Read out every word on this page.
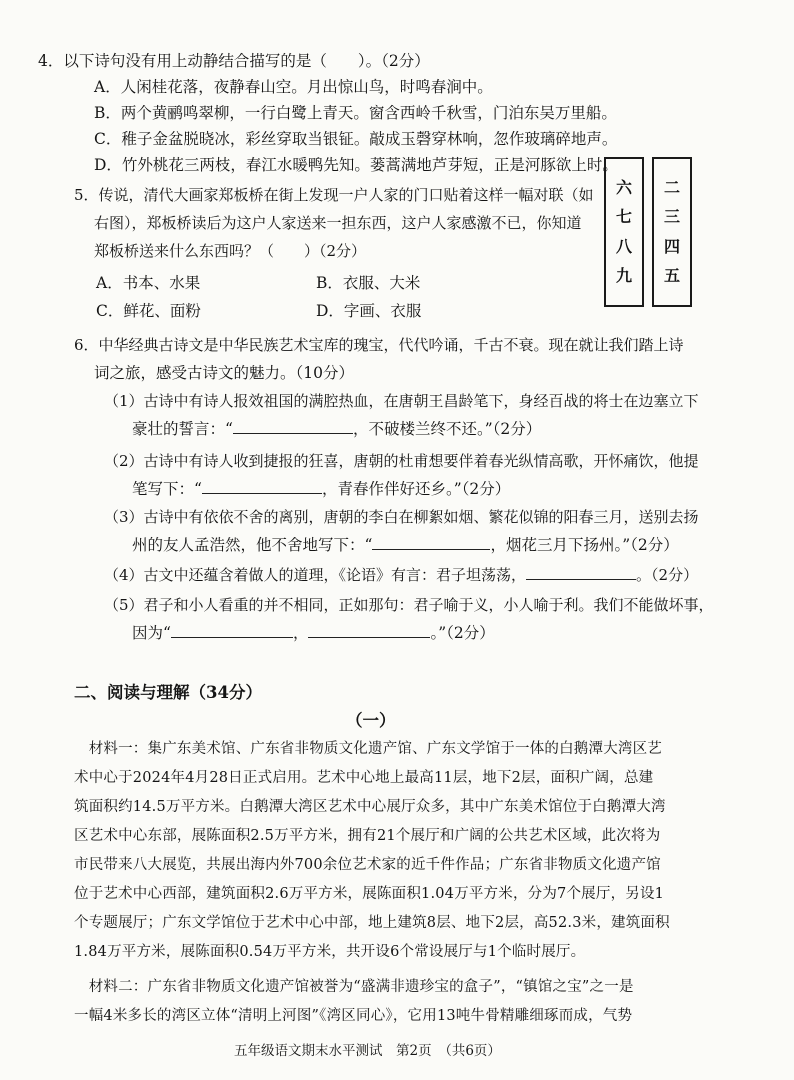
4．以下诗句没有用上动静结合描写的是（　　）。（2分）
A．人闲桂花落，夜静春山空。月出惊山鸟，时鸣春涧中。
B．两个黄鹂鸣翠柳，一行白鹭上青天。窗含西岭千秋雪，门泊东吴万里船。
C．稚子金盆脱晓冰，彩丝穿取当银钲。敲成玉磬穿林响，忽作玻璃碎地声。
D．竹外桃花三两枝，春江水暖鸭先知。蒌蒿满地芦芽短，正是河豚欲上时。
5．传说，清代大画家郑板桥在街上发现一户人家的门口贴着这样一幅对联（如
右图），郑板桥读后为这户人家送来一担东西，这户人家感激不已，你知道
郑板桥送来什么东西吗？（　　）（2分）
A．书本、水果	B．衣服、大米
C．鲜花、面粉	D．字画、衣服
六
七
八
九
二
三
四
五
6．中华经典古诗文是中华民族艺术宝库的瑰宝，代代吟诵，千古不衰。现在就让我们踏上诗
词之旅，感受古诗文的魅力。（10分）
（1）古诗中有诗人报效祖国的满腔热血，在唐朝王昌龄笔下，身经百战的将士在边塞立下
豪壮的誓言：“	，不破楼兰终不还。”（2分）
（2）古诗中有诗人收到捷报的狂喜，唐朝的杜甫想要伴着春光纵情高歌，开怀痛饮，他提
笔写下：“	，青春作伴好还乡。”（2分）
（3）古诗中有依依不舍的离别，唐朝的李白在柳絮如烟、繁花似锦的阳春三月，送别去扬
州的友人孟浩然，他不舍地写下：“	，烟花三月下扬州。”（2分）
（4）古文中还蕴含着做人的道理，《论语》有言：君子坦荡荡，	。（2分）
（5）君子和小人看重的并不相同，正如那句：君子喻于义，小人喻于利。我们不能做坏事，
因为“	，	。”（2分）
二、阅读与理解（34分）
（一）
　材料一：集广东美术馆、广东省非物质文化遗产馆、广东文学馆于一体的白鹅潭大湾区艺
术中心于2024年4月28日正式启用。艺术中心地上最高11层，地下2层，面积广阔，总建
筑面积约14.5万平方米。白鹅潭大湾区艺术中心展厅众多，其中广东美术馆位于白鹅潭大湾
区艺术中心东部，展陈面积2.5万平方米，拥有21个展厅和广阔的公共艺术区域，此次将为
市民带来八大展览，共展出海内外700余位艺术家的近千件作品；广东省非物质文化遗产馆
位于艺术中心西部，建筑面积2.6万平方米，展陈面积1.04万平方米，分为7个展厅，另设1
个专题展厅；广东文学馆位于艺术中心中部，地上建筑8层、地下2层，高52.3米，建筑面积
1.84万平方米，展陈面积0.54万平方米，共开设6个常设展厅与1个临时展厅。
　材料二：广东省非物质文化遗产馆被誉为“盛满非遗珍宝的盒子”，“镇馆之宝”之一是
一幅4米多长的湾区立体“清明上河图”《湾区同心》，它用13吨牛骨精雕细琢而成，气势
五年级语文期末水平测试　第2页　（共6页）
